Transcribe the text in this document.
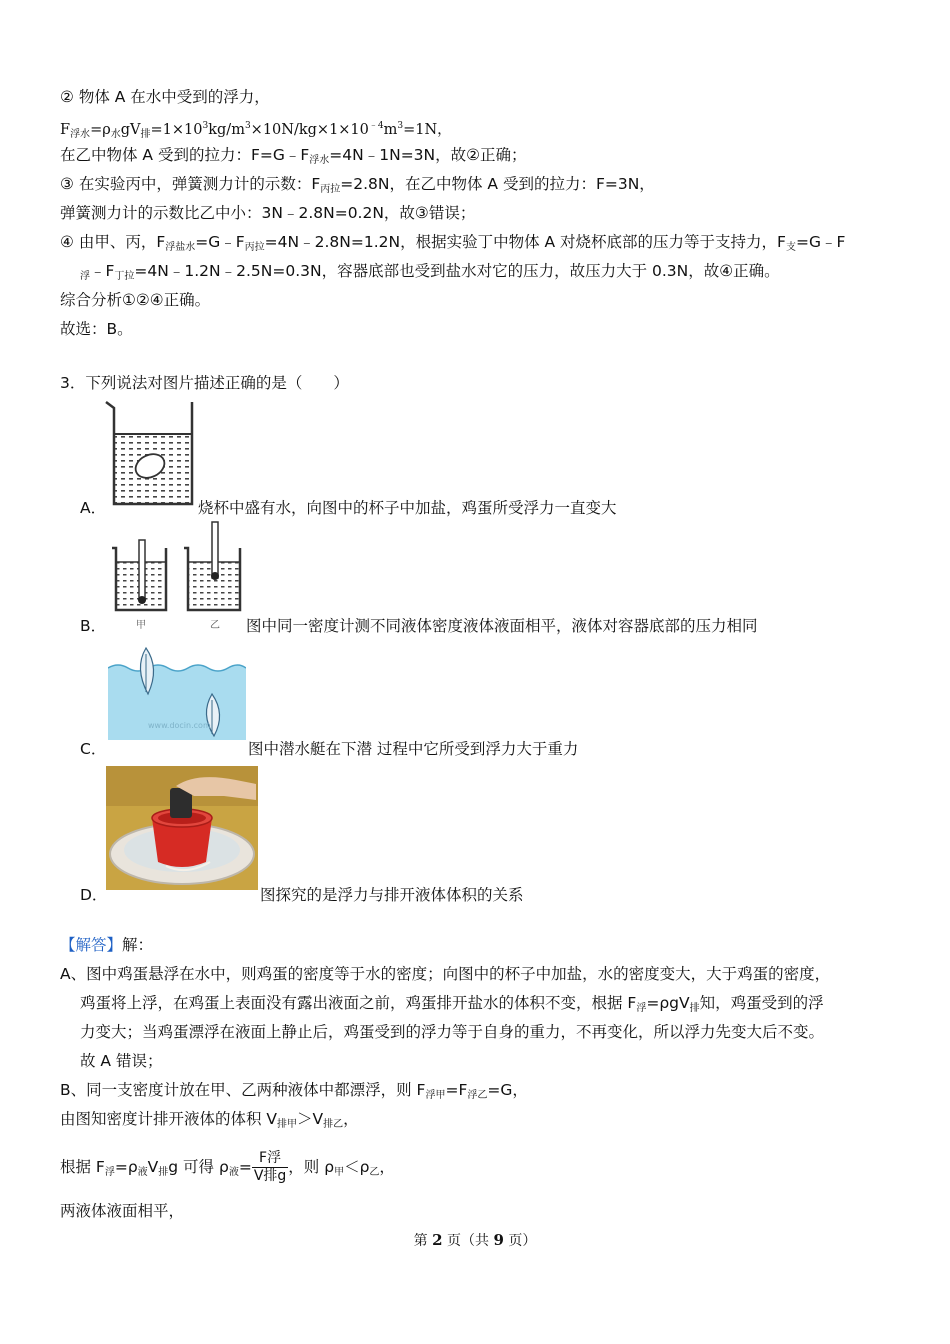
② 物体 A 在水中受到的浮力，
$F_{浮水}=\rho_水gV_排=1\times 10^3kg/m^3\times 10N/kg\times 1\times 10^{﹣4}m^3=1N$，
在乙中物体 A 受到的拉力：$F=G﹣F_{浮水}=4N﹣1N=3N$，故②正确；
③ 在实验丙中，弹簧测力计的示数：$F_{丙拉}=2.8N$，在乙中物体 A 受到的拉力：F=3N，
弹簧测力计的示数比乙中小：3N﹣2.8N=0.2N，故③错误；
④ 由甲、丙，$F_{浮盐水}=G﹣F_{丙拉}=4N﹣2.8N=1.2N$，根据实验丁中物体 A 对烧杯底部的压力等于支持力，$F_支=G﹣F$
$_浮﹣F_{丁拉}=4N﹣1.2N﹣2.5N=0.3N$，容器底部也受到盐水对它的压力，故压力大于 0.3N，故④正确。
综合分析①②④正确。
故选：B。
3．下列说法对图片描述正确的是（　　）
A．	烧杯中盛有水，向图中的杯子中加盐，鸡蛋所受浮力一直变大
甲	乙
B．	图中同一密度计测不同液体密度液体液面相平，液体对容器底部的压力相同
www.docin.com
C．	图中潜水艇在下潜 过程中它所受到浮力大于重力
D．	图探究的是浮力与排开液体体积的关系
【解答】解：
A、图中鸡蛋悬浮在水中，则鸡蛋的密度等于水的密度；向图中的杯子中加盐，水的密度变大，大于鸡蛋的密度，
鸡蛋将上浮，在鸡蛋上表面没有露出液面之前，鸡蛋排开盐水的体积不变，根据 $F_浮=\rho gV_排$知，鸡蛋受到的浮
力变大；当鸡蛋漂浮在液面上静止后，鸡蛋受到的浮力等于自身的重力，不再变化，所以浮力先变大后不变。
故 A 错误；
B、同一支密度计放在甲、乙两种液体中都漂浮，则 $F_{浮甲}=F_{浮乙}=G$，
由图知密度计排开液体的体积 $V_{排甲}>V_{排乙}$，
根据 $F_浮=\rho_液V_排g$ 可得 $\rho_液= \frac{\text{F浮}}{\text{V排g}}$ ，则 $\rho_甲<\rho_乙$，
两液体液面相平，
第 2 页（共 9 页）
